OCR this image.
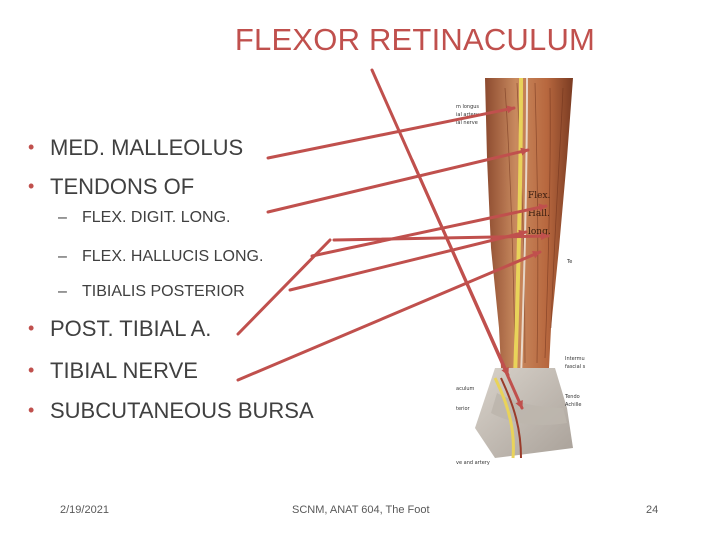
FLEXOR RETINACULUM
• MED. MALLEOLUS
• TENDONS OF
– FLEX. DIGIT. LONG.
– FLEX. HALLUCIS LONG.
– TIBIALIS POSTERIOR
• POST. TIBIAL A.
• TIBIAL NERVE
• SUBCUTANEOUS BURSA
Flex.
Hall.
long.
m longus
ial artery
ial nerve
aculum
terior
ve and artery
Intermu
fascial s
Tendo
Achille
Te
2/19/2021	SCNM, ANAT 604, The Foot	24
